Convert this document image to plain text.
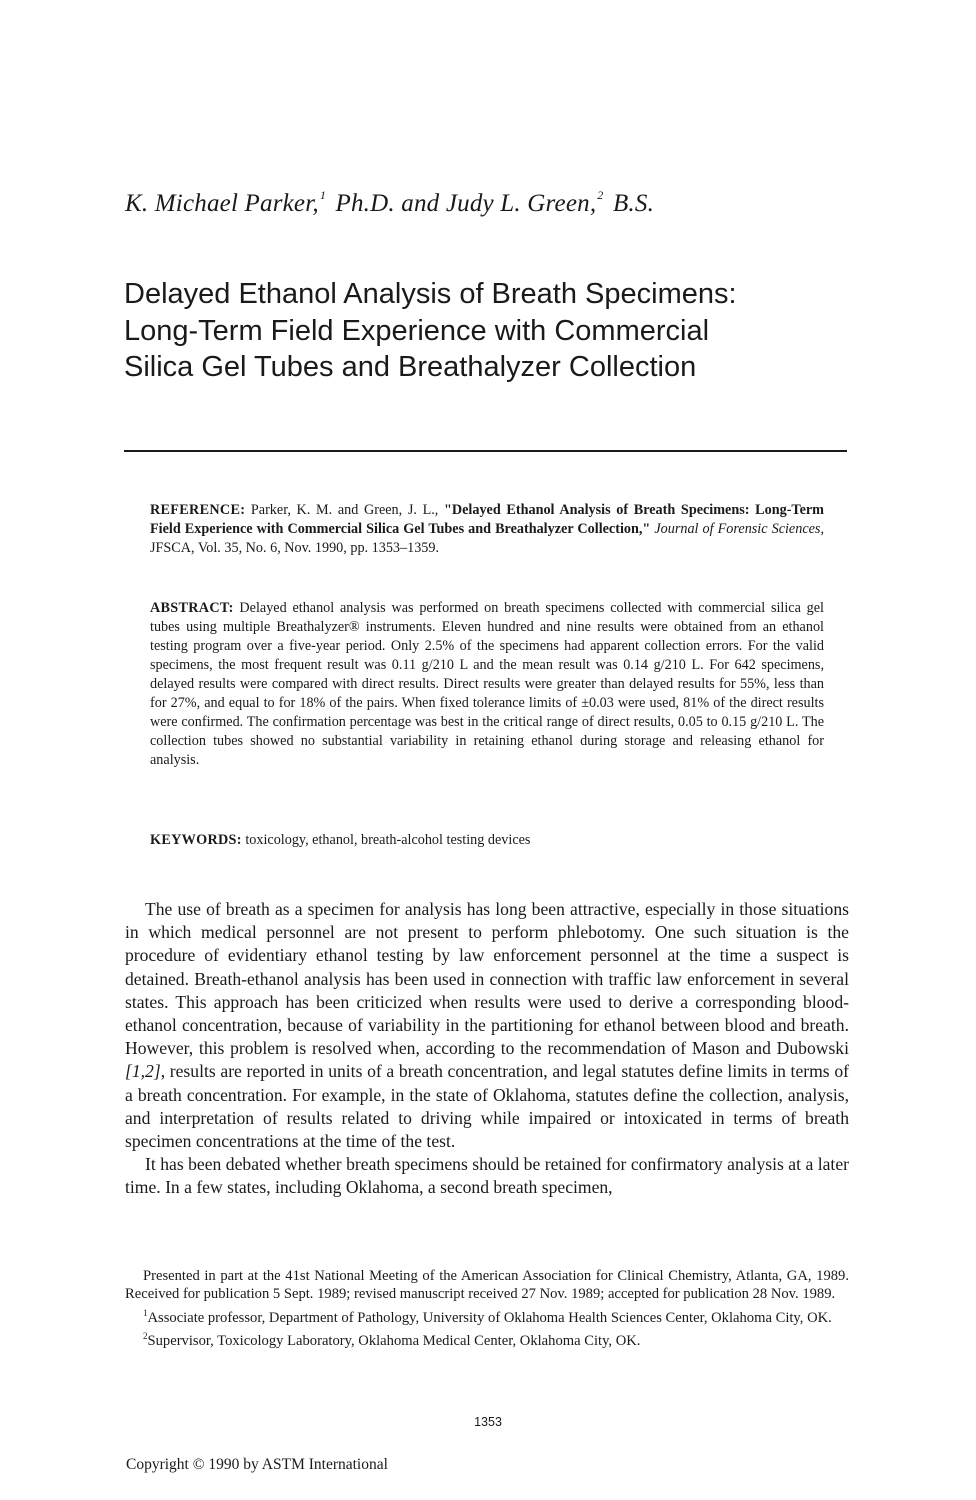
K. Michael Parker,$^1$ Ph.D. and Judy L. Green,$^2$ B.S.
Delayed Ethanol Analysis of Breath Specimens:
Long-Term Field Experience with Commercial
Silica Gel Tubes and Breathalyzer Collection

REFERENCE: Parker, K. M. and Green, J. L., "Delayed Ethanol Analysis of Breath Specimens: Long-Term Field Experience with Commercial Silica Gel Tubes and Breathalyzer Collection," Journal of Forensic Sciences, JFSCA, Vol. 35, No. 6, Nov. 1990, pp. 1353–1359.

ABSTRACT: Delayed ethanol analysis was performed on breath specimens collected with commercial silica gel tubes using multiple Breathalyzer® instruments. Eleven hundred and nine results were obtained from an ethanol testing program over a five-year period. Only 2.5% of the specimens had apparent collection errors. For the valid specimens, the most frequent result was 0.11 g/210 L and the mean result was 0.14 g/210 L. For 642 specimens, delayed results were compared with direct results. Direct results were greater than delayed results for 55%, less than for 27%, and equal to for 18% of the pairs. When fixed tolerance limits of ±0.03 were used, 81% of the direct results were confirmed. The confirmation percentage was best in the critical range of direct results, 0.05 to 0.15 g/210 L. The collection tubes showed no substantial variability in retaining ethanol during storage and releasing ethanol for analysis.

KEYWORDS: toxicology, ethanol, breath-alcohol testing devices

The use of breath as a specimen for analysis has long been attractive, especially in those situations in which medical personnel are not present to perform phlebotomy. One such situation is the procedure of evidentiary ethanol testing by law enforcement personnel at the time a suspect is detained. Breath-ethanol analysis has been used in connection with traffic law enforcement in several states. This approach has been criticized when results were used to derive a corresponding blood-ethanol concentration, because of variability in the partitioning for ethanol between blood and breath. However, this problem is resolved when, according to the recommendation of Mason and Dubowski [1,2], results are reported in units of a breath concentration, and legal statutes define limits in terms of a breath concentration. For example, in the state of Oklahoma, statutes define the collection, analysis, and interpretation of results related to driving while impaired or intoxicated in terms of breath specimen concentrations at the time of the test.

It has been debated whether breath specimens should be retained for confirmatory analysis at a later time. In a few states, including Oklahoma, a second breath specimen,

Presented in part at the 41st National Meeting of the American Association for Clinical Chemistry, Atlanta, GA, 1989. Received for publication 5 Sept. 1989; revised manuscript received 27 Nov. 1989; accepted for publication 28 Nov. 1989.

$^1$Associate professor, Department of Pathology, University of Oklahoma Health Sciences Center, Oklahoma City, OK.

$^2$Supervisor, Toxicology Laboratory, Oklahoma Medical Center, Oklahoma City, OK.

1353
Copyright © 1990 by ASTM International
